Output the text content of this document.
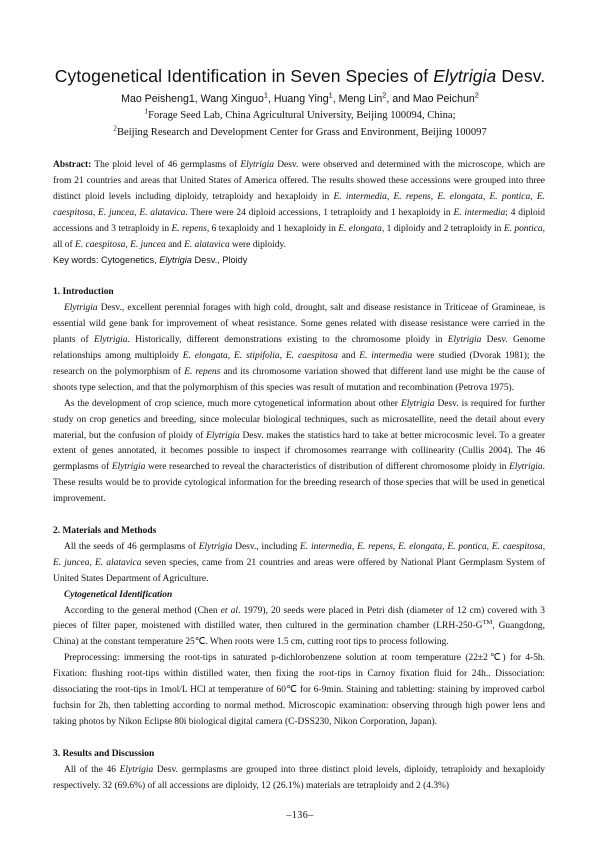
Cytogenetical Identification in Seven Species of Elytrigia Desv.
Mao Peisheng1, Wang Xinguo$^1$, Huang Ying$^1$, Meng Lin$^2$, and Mao Peichun$^2$
$^1$Forage Seed Lab, China Agricultural University, Beijing 100094, China;
$^2$Beijing Research and Development Center for Grass and Environment, Beijing 100097

Abstract: The ploid level of 46 germplasms of Elytrigia Desv. were observed and determined with the microscope, which are from 21 countries and areas that United States of America offered. The results showed these accessions were grouped into three distinct ploid levels including diploidy, tetraploidy and hexaploidy in E. intermedia, E. repens, E. elongata, E. pontica, E. caespitosa, E. juncea, E. alatavica. There were 24 diploid accessions, 1 tetraploidy and 1 hexaploidy in E. intermedia; 4 diploid accessions and 3 tetraploidy in E. repens, 6 texaploidy and 1 hexaploidy in E. elongata, 1 diploidy and 2 tetraploidy in E. pontica, all of E. caespitosa, E. juncea and E. alatavica were diploidy.

Key words: Cytogenetics, Elytrigia Desv., Ploidy

1. Introduction

Elytrigia Desv., excellent perennial forages with high cold, drought, salt and disease resistance in Triticeae of Gramineae, is essential wild gene bank for improvement of wheat resistance. Some genes related with disease resistance were carried in the plants of Elytrigia. Historically, different demonstrations existing to the chromosome ploidy in Elytrigia Desv. Genome relationships among multiploidy E. elongata, E. stipifolia, E. caespitosa and E. intermedia were studied (Dvorak 1981); the research on the polymorphism of E. repens and its chromosome variation showed that different land use might be the cause of shoots type selection, and that the polymorphism of this species was result of mutation and recombination (Petrova 1975).

As the development of crop science, much more cytogenetical information about other Elytrigia Desv. is required for further study on crop genetics and breeding, since molecular biological techniques, such as microsatellite, need the detail about every material, but the confusion of ploidy of Elytrigia Desv. makes the statistics hard to take at better microcosmic level. To a greater extent of genes annotated, it becomes possible to inspect if chromosomes rearrange with collinearity (Cullis 2004). The 46 germplasms of Elytrigia were researched to reveal the characteristics of distribution of different chromosome ploidy in Elytrigia. These results would be to provide cytological information for the breeding research of those species that will be used in genetical improvement.

2. Materials and Methods

All the seeds of 46 germplasms of Elytrigia Desv., including E. intermedia, E. repens, E. elongata, E. pontica, E. caespitosa, E. juncea, E. alatavica seven species, came from 21 countries and areas were offered by National Plant Germplasm System of United States Department of Agriculture.

Cytogenetical Identification

According to the general method (Chen et al. 1979), 20 seeds were placed in Petri dish (diameter of 12 cm) covered with 3 pieces of filter paper, moistened with distilled water, then cultured in the germination chamber (LRH-250-G™, Guangdong, China) at the constant temperature 25℃. When roots were 1.5 cm, cutting root tips to process following.

Preprocessing: immersing the root-tips in saturated p-dichlorobenzene solution at room temperature (22±2℃) for 4-5h. Fixation: flushing root-tips within distilled water, then fixing the root-tips in Carnoy fixation fluid for 24h.. Dissociation: dissociating the root-tips in 1mol/L HCl at temperature of 60℃ for 6-9min. Staining and tabletting: staining by improved carbol fuchsin for 2h, then tabletting according to normal method. Microscopic examination: observing through high power lens and taking photos by Nikon Eclipse 80i biological digital camera (C-DSS230, Nikon Corporation, Japan).

3. Results and Discussion

All of the 46 Elytrigia Desv. germplasms are grouped into three distinct ploid levels, diploidy, tetraploidy and hexaploidy respectively. 32 (69.6%) of all accessions are diploidy, 12 (26.1%) materials are tetraploidy and 2 (4.3%)

–136–
